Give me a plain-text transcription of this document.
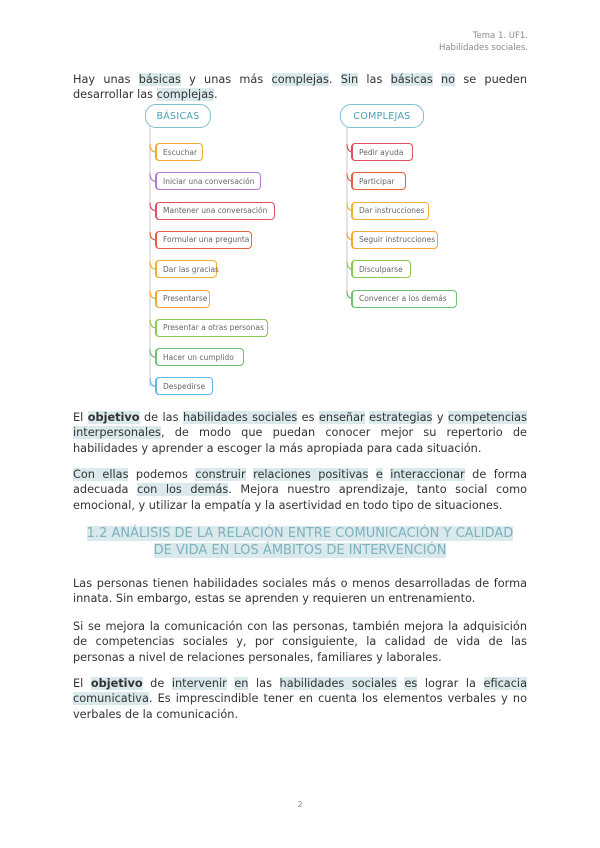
Tema 1. UF1.
Habilidades sociales.
Hay unas básicas y unas más complejas. Sin las básicas no se pueden desarrollar las complejas.
BÁSICAS	COMPLEJAS
Escuchar
Iniciar una conversación
Mantener una conversación
Formular una pregunta
Dar las gracias
Presentarse
Presentar a otras personas
Hacer un cumplido
Despedirse
Pedir ayuda
Participar
Dar instrucciones
Seguir instrucciones
Disculparse
Convencer a los demás
El objetivo de las habilidades sociales es enseñar estrategias y competencias interpersonales, de modo que puedan conocer mejor su repertorio de habilidades y aprender a escoger la más apropiada para cada situación.
Con ellas podemos construir relaciones positivas e interaccionar de forma adecuada con los demás. Mejora nuestro aprendizaje, tanto social como emocional, y utilizar la empatía y la asertividad en todo tipo de situaciones.
1.2 ANÁLISIS DE LA RELACIÓN ENTRE COMUNICACIÓN Y CALIDAD
DE VIDA EN LOS ÁMBITOS DE INTERVENCIÓN
Las personas tienen habilidades sociales más o menos desarrolladas de forma innata. Sin embargo, estas se aprenden y requieren un entrenamiento.
Si se mejora la comunicación con las personas, también mejora la adquisición de competencias sociales y, por consiguiente, la calidad de vida de las personas a nivel de relaciones personales, familiares y laborales.
El objetivo de intervenir en las habilidades sociales es lograr la eficacia comunicativa. Es imprescindible tener en cuenta los elementos verbales y no verbales de la comunicación.
2
